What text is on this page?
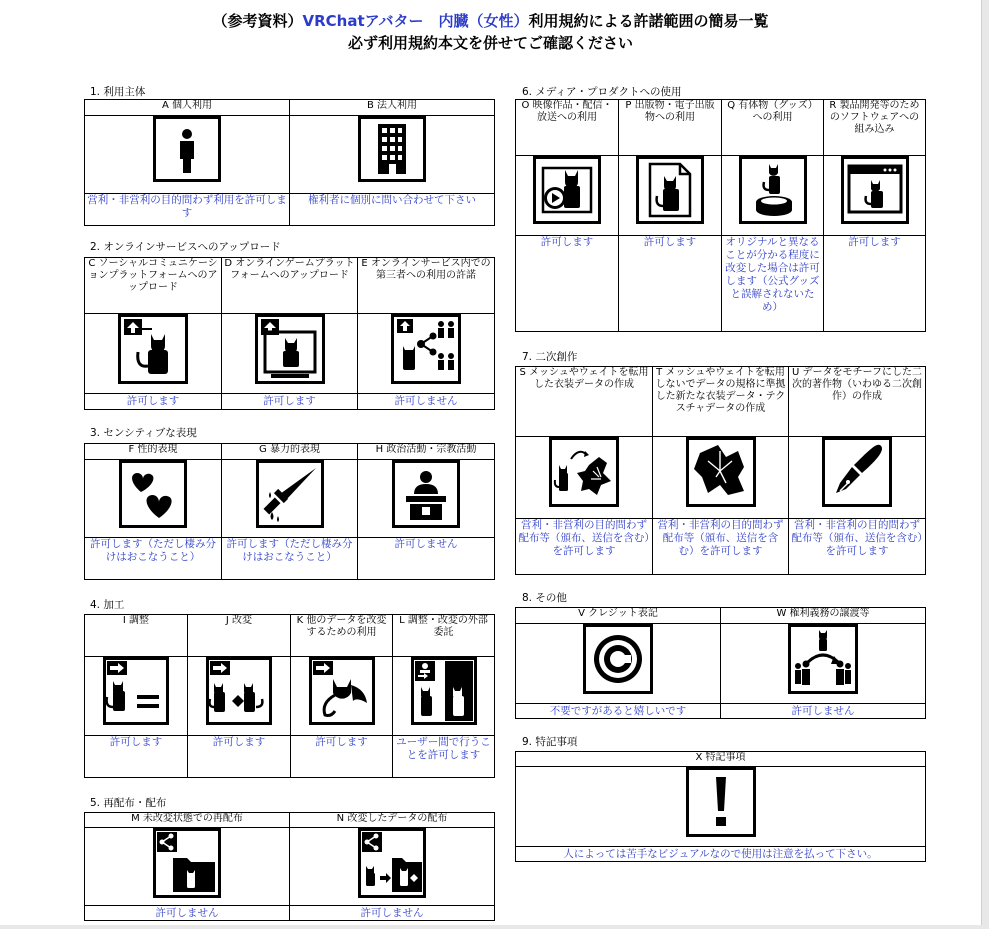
（参考資料）VRChatアバター　内臓（女性）利用規約による許諾範囲の簡易一覧
必ず利用規約本文を併せてご確認ください
1. 利用主体
A 個人利用	B 法人利用

営利・非営利の目的問わず利用を許可します	権利者に個別に問い合わせて下さい
2. オンラインサービスへのアップロード
C ソーシャルコミュニケーションプラットフォームへのアップロード	D オンラインゲームプラットフォームへのアップロード	E オンラインサービス内での第三者への利用の許諾

許可します	許可します	許可しません
3. センシティブな表現
F 性的表現	G 暴力的表現	H 政治活動・宗教活動

許可します（ただし棲み分けはおこなうこと）	許可します（ただし棲み分けはおこなうこと）	許可しません
4. 加工
I 調整	J 改変	K 他のデータを改変するための利用	L 調整・改変の外部委託

許可します	許可します	許可します	ユーザー間で行うことを許可します
5. 再配布・配布
M 未改変状態での再配布	N 改変したデータの配布

許可しません	許可しません
6. メディア・プロダクトへの使用
O 映像作品・配信・放送への利用	P 出版物・電子出版物への利用	Q 有体物（グッズ）への利用	R 製品開発等のためのソフトウェアへの組み込み

許可します	許可します	オリジナルと異なることが分かる程度に改変した場合は許可します（公式グッズと誤解されないため）	許可します
7. 二次創作
S メッシュやウェイトを転用した衣装データの作成	T メッシュやウェイトを転用しないでデータの規格に準拠した新たな衣装データ・テクスチャデータの作成	U データをモチーフにした二次的著作物（いわゆる二次創作）の作成

営利・非営利の目的問わず配布等（頒布、送信を含む）を許可します	営利・非営利の目的問わず配布等（頒布、送信を含む）を許可します	営利・非営利の目的問わず配布等（頒布、送信を含む）を許可します
8. その他
V クレジット表記	W 権利義務の譲渡等

不要ですがあると嬉しいです	許可しません
9. 特記事項
X 特記事項

人によっては苦手なビジュアルなので使用は注意を払って下さい。
